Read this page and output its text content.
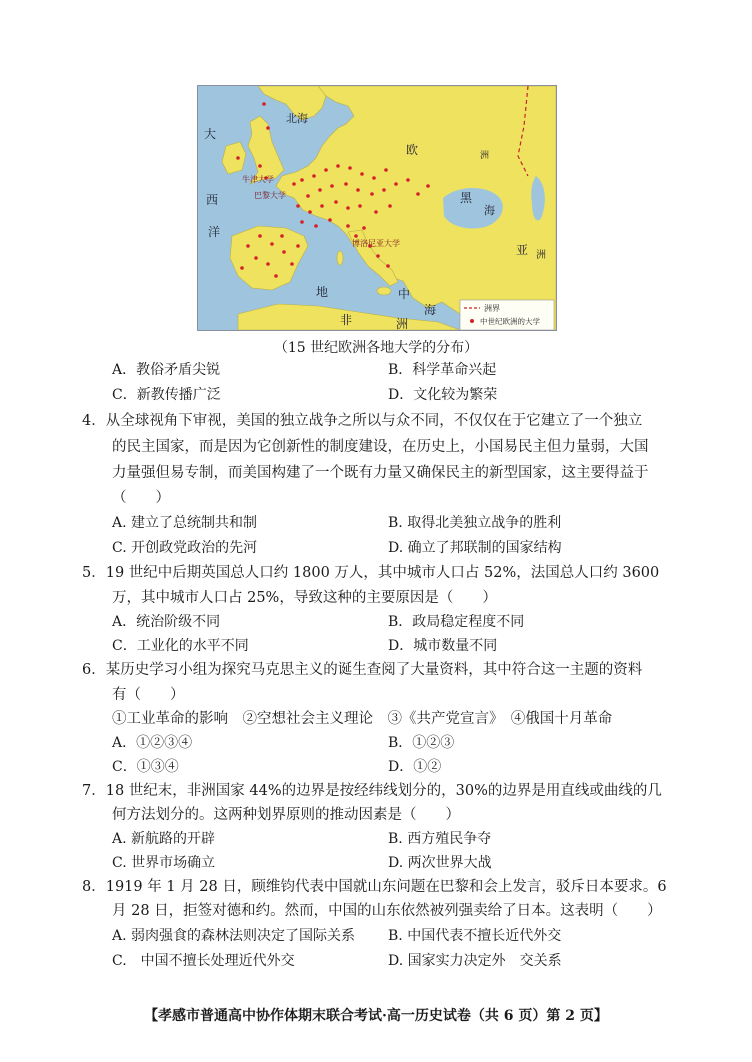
大
西
洋
北海
欧	洲
黑
海
亚 洲
地	中
海
非	洲
牛津大学
巴黎大学
博洛尼亚大学
洲界
中世纪欧洲的大学
（15 世纪欧洲各地大学的分布）
A．教俗矛盾尖锐	B．科学革命兴起
C．新教传播广泛	D．文化较为繁荣
4．从全球视角下审视，美国的独立战争之所以与众不同，不仅仅在于它建立了一个独立
的民主国家，而是因为它创新性的制度建设，在历史上，小国易民主但力量弱，大国
力量强但易专制，而美国构建了一个既有力量又确保民主的新型国家，这主要得益于
（　　）
A. 建立了总统制共和制	B. 取得北美独立战争的胜利
C. 开创政党政治的先河	D. 确立了邦联制的国家结构
5．19 世纪中后期英国总人口约 1800 万人，其中城市人口占 52%，法国总人口约 3600
万，其中城市人口占 25%，导致这种的主要原因是（　　）
A．统治阶级不同	B．政局稳定程度不同
C．工业化的水平不同	D．城市数量不同
6．某历史学习小组为探究马克思主义的诞生查阅了大量资料，其中符合这一主题的资料
有（　　）
①工业革命的影响　②空想社会主义理论　③《共产党宣言》　④俄国十月革命
A．①②③④	B．①②③
C．①③④	D．①②
7．18 世纪末，非洲国家 44%的边界是按经纬线划分的，30%的边界是用直线或曲线的几
何方法划分的。这两种划界原则的推动因素是（　　）
A. 新航路的开辟	B. 西方殖民争夺
C. 世界市场确立	D. 两次世界大战
8．1919 年 1 月 28 日，顾维钧代表中国就山东问题在巴黎和会上发言，驳斥日本要求。6
月 28 日，拒签对德和约。然而，中国的山东依然被列强卖给了日本。这表明（　　）
A. 弱肉强食的森林法则决定了国际关系 B. 中国代表不擅长近代外交
C.　中国不擅长处理近代外交	D. 国家实力决定外　交关系
【孝感市普通高中协作体期末联合考试·高一历史试卷（共 6 页）第 2 页】
